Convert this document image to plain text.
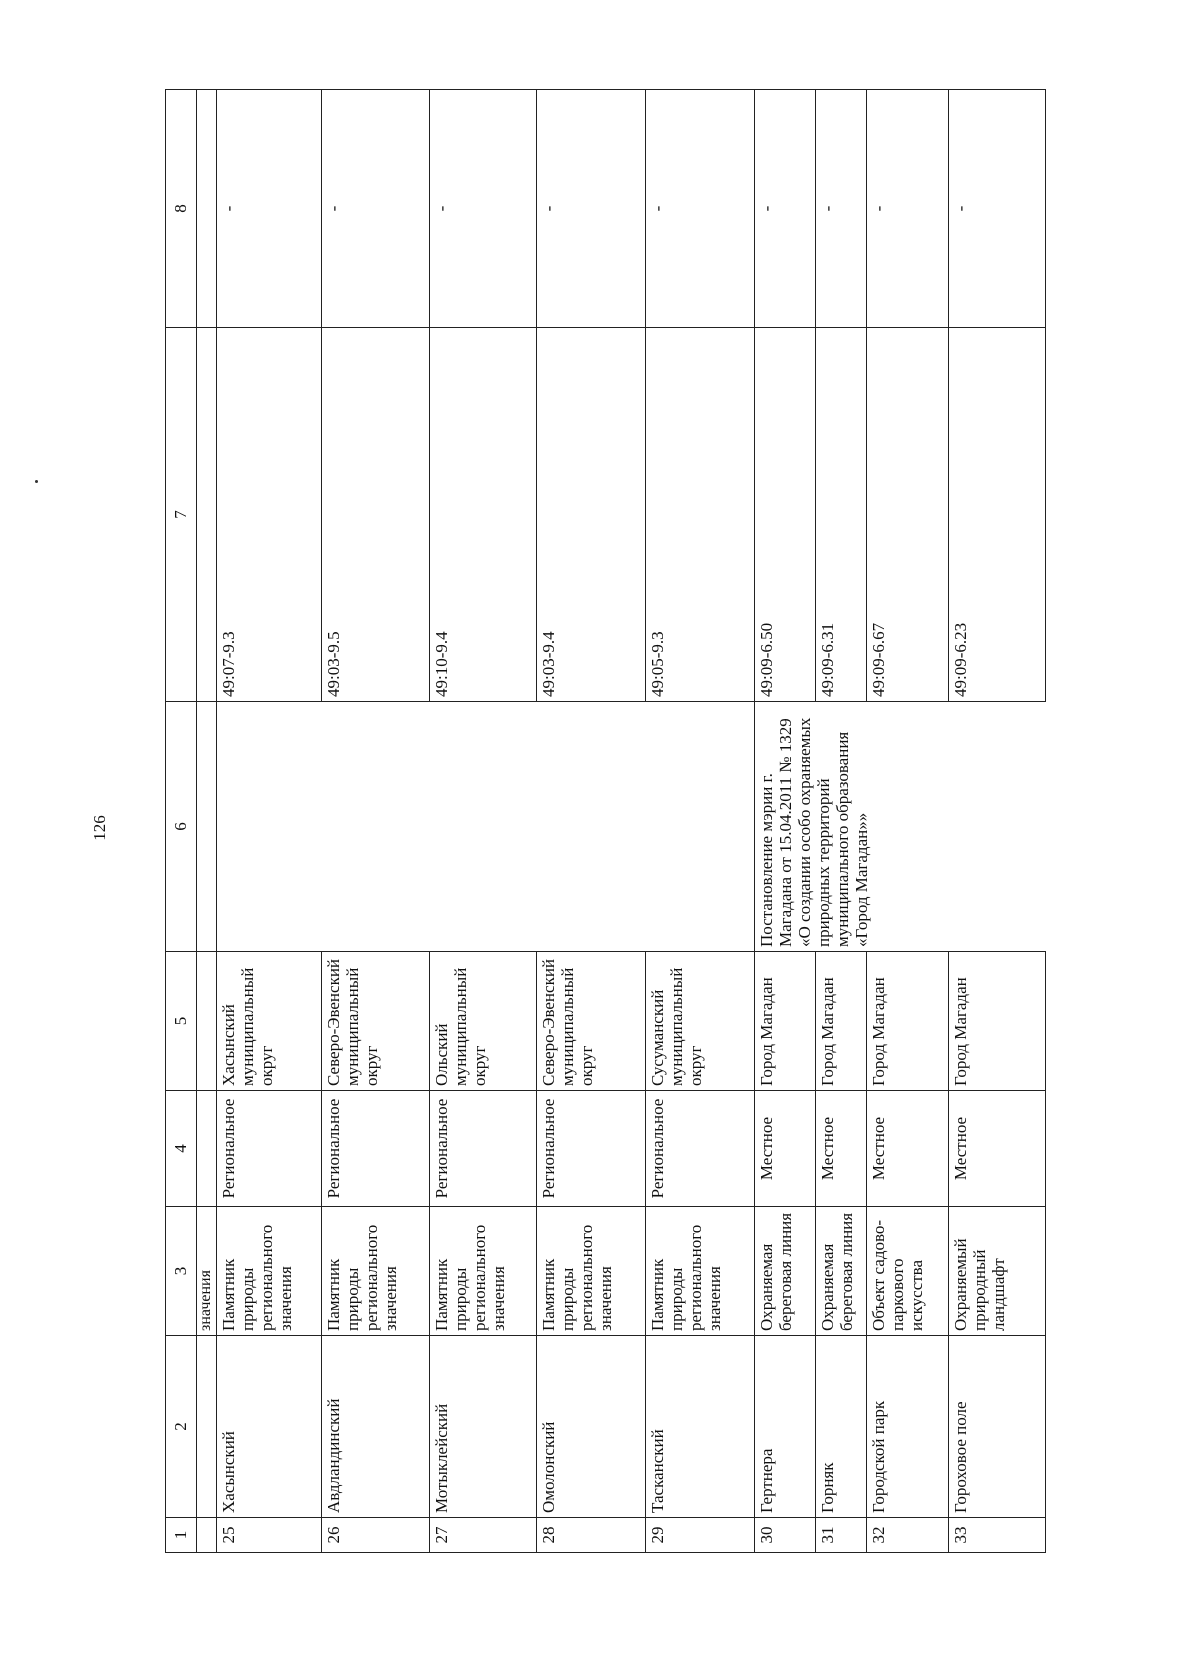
126
1	2	3	4	5	6	7	8
		значения					
25	Хасынский	Памятник природы регионального значения	Региональное	Хасынский муниципальный округ		49:07-9.3	-
26	Авдландинский	Памятник природы регионального значения	Региональное	Северо-Эвенский муниципальный округ		49:03-9.5	-
27	Мотыклейский	Памятник природы регионального значения	Региональное	Ольский муниципальный округ		49:10-9.4	-
28	Омолонский	Памятник природы регионального значения	Региональное	Северо-Эвенский муниципальный округ		49:03-9.4	-
29	Тасканский	Памятник природы регионального значения	Региональное	Сусуманский муниципальный округ		49:05-9.3	-
30	Гертнера	Охраняемая береговая линия	Местное	Город Магадан	Постановление мэрии г. Магадана от 15.04.2011 № 1329 «О создании особо охраняемых природных территорий муниципального образования «Город Магадан»»	49:09-6.50	-
31	Горняк	Охраняемая береговая линия	Местное	Город Магадан		49:09-6.31	-
32	Городской парк	Объект садово-паркового искусства	Местное	Город Магадан		49:09-6.67	-
33	Гороховое поле	Охраняемый природный ландшафт	Местное	Город Магадан		49:09-6.23	-
